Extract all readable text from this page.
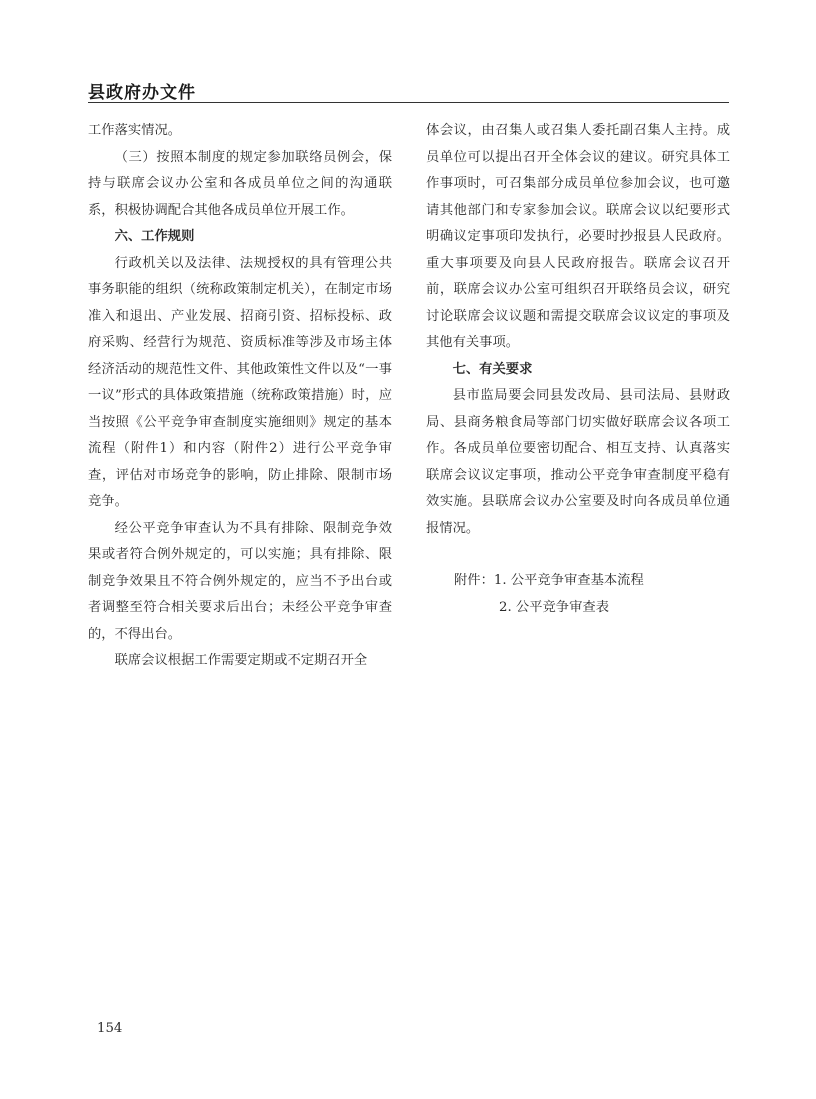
县政府办文件

工作落实情况。

（三）按照本制度的规定参加联络员例会，保持与联席会议办公室和各成员单位之间的沟通联系，积极协调配合其他各成员单位开展工作。

六、工作规则

行政机关以及法律、法规授权的具有管理公共事务职能的组织（统称政策制定机关），在制定市场准入和退出、产业发展、招商引资、招标投标、政府采购、经营行为规范、资质标准等涉及市场主体经济活动的规范性文件、其他政策性文件以及“一事一议”形式的具体政策措施（统称政策措施）时，应当按照《公平竞争审查制度实施细则》规定的基本流程（附件1）和内容（附件2）进行公平竞争审查，评估对市场竞争的影响，防止排除、限制市场竞争。

经公平竞争审查认为不具有排除、限制竞争效果或者符合例外规定的，可以实施；具有排除、限制竞争效果且不符合例外规定的，应当不予出台或者调整至符合相关要求后出台；未经公平竞争审查的，不得出台。

联席会议根据工作需要定期或不定期召开全

体会议，由召集人或召集人委托副召集人主持。成员单位可以提出召开全体会议的建议。研究具体工作事项时，可召集部分成员单位参加会议，也可邀请其他部门和专家参加会议。联席会议以纪要形式明确议定事项印发执行，必要时抄报县人民政府。重大事项要及向县人民政府报告。联席会议召开前，联席会议办公室可组织召开联络员会议，研究讨论联席会议议题和需提交联席会议议定的事项及其他有关事项。

七、有关要求

县市监局要会同县发改局、县司法局、县财政局、县商务粮食局等部门切实做好联席会议各项工作。各成员单位要密切配合、相互支持、认真落实联席会议议定事项，推动公平竞争审查制度平稳有效实施。县联席会议办公室要及时向各成员单位通报情况。

附件：1. 公平竞争审查基本流程
2. 公平竞争审查表
154
